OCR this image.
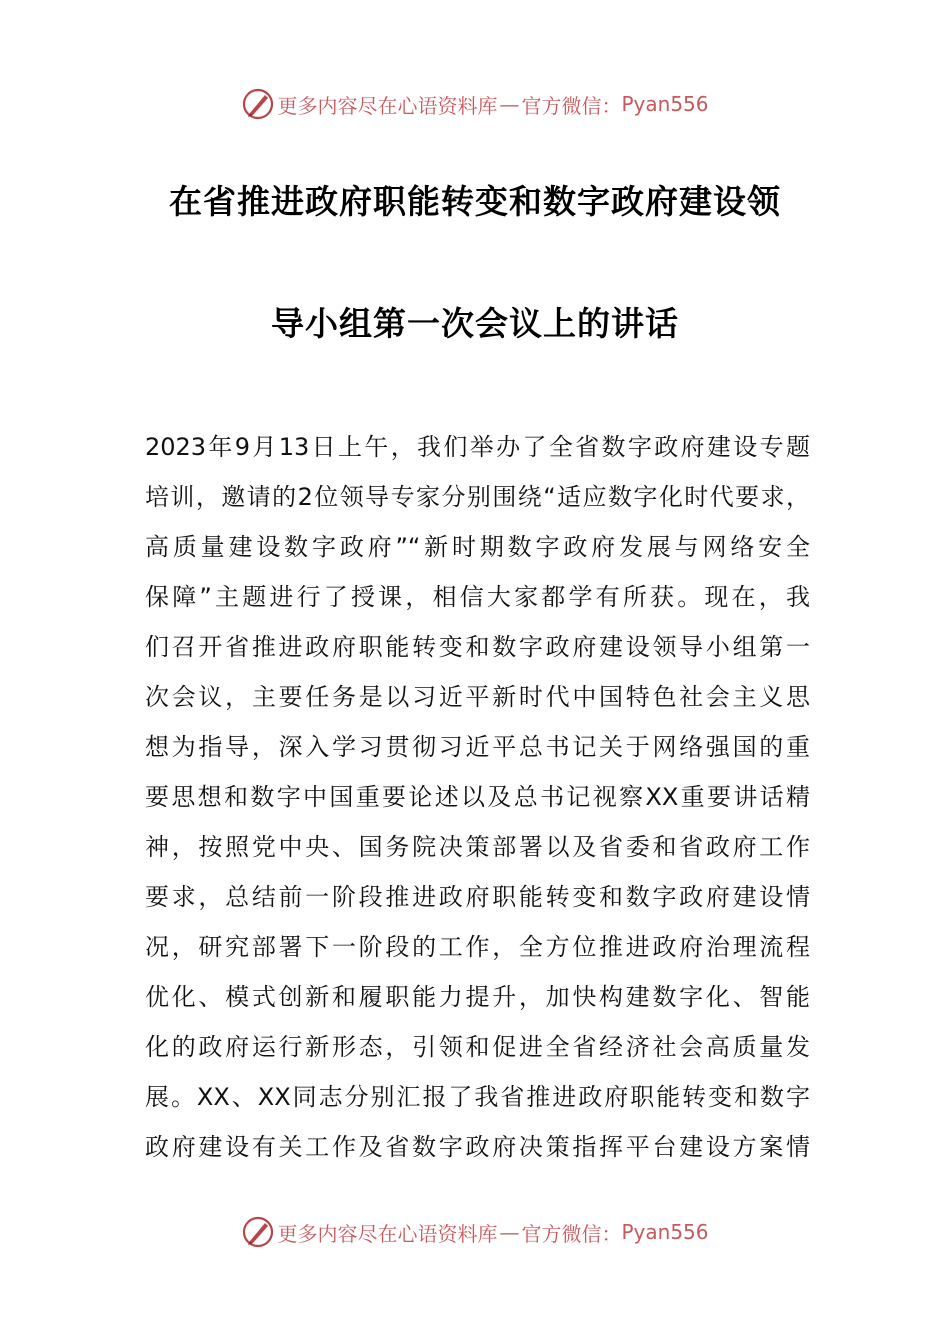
更多内容尽在心语资料库 — 官方微信： Pyan556
在省推进政府职能转变和数字政府建设领
导小组第一次会议上的讲话
2023年9月13日上午，我们举办了全省数字政府建设专题
培训，邀请的2位领导专家分别围绕“适应数字化时代要求，
高质量建设数字政府”“新时期数字政府发展与网络安全
保障”主题进行了授课，相信大家都学有所获。现在，我
们召开省推进政府职能转变和数字政府建设领导小组第一
次会议，主要任务是以习近平新时代中国特色社会主义思
想为指导，深入学习贯彻习近平总书记关于网络强国的重
要思想和数字中国重要论述以及总书记视察XX重要讲话精
神，按照党中央、国务院决策部署以及省委和省政府工作
要求，总结前一阶段推进政府职能转变和数字政府建设情
况，研究部署下一阶段的工作，全方位推进政府治理流程
优化、模式创新和履职能力提升，加快构建数字化、智能
化的政府运行新形态，引领和促进全省经济社会高质量发
展。XX、XX同志分别汇报了我省推进政府职能转变和数字
政府建设有关工作及省数字政府决策指挥平台建设方案情
更多内容尽在心语资料库 — 官方微信： Pyan556
